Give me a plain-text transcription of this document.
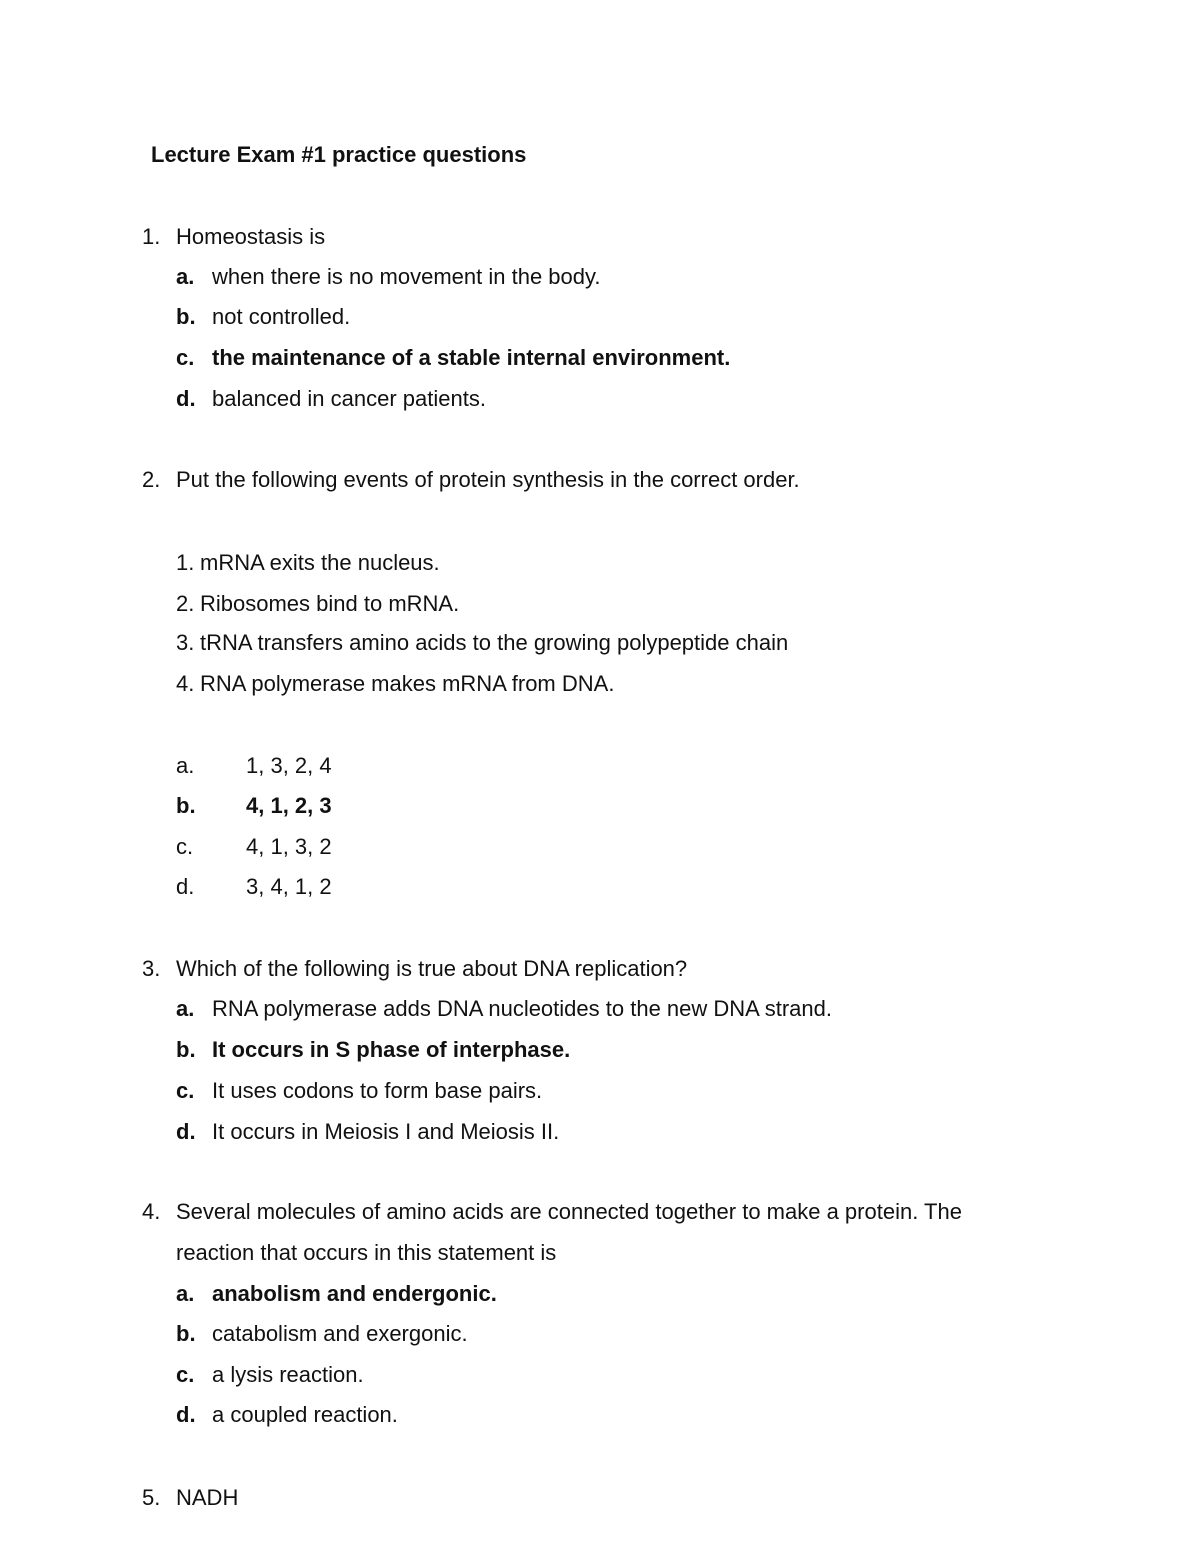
Lecture Exam #1 practice questions
1. Homeostasis is
a. when there is no movement in the body.
b. not controlled.
c. the maintenance of a stable internal environment.
d. balanced in cancer patients.
2. Put the following events of protein synthesis in the correct order.
1. mRNA exits the nucleus.
2. Ribosomes bind to mRNA.
3. tRNA transfers amino acids to the growing polypeptide chain
4. RNA polymerase makes mRNA from DNA.
a. 1, 3, 2, 4
b. 4, 1, 2, 3
c. 4, 1, 3, 2
d. 3, 4, 1, 2
3. Which of the following is true about DNA replication?
a. RNA polymerase adds DNA nucleotides to the new DNA strand.
b. It occurs in S phase of interphase.
c. It uses codons to form base pairs.
d. It occurs in Meiosis I and Meiosis II.
4. Several molecules of amino acids are connected together to make a protein. The
reaction that occurs in this statement is
a. anabolism and endergonic.
b. catabolism and exergonic.
c. a lysis reaction.
d. a coupled reaction.
5. NADH
